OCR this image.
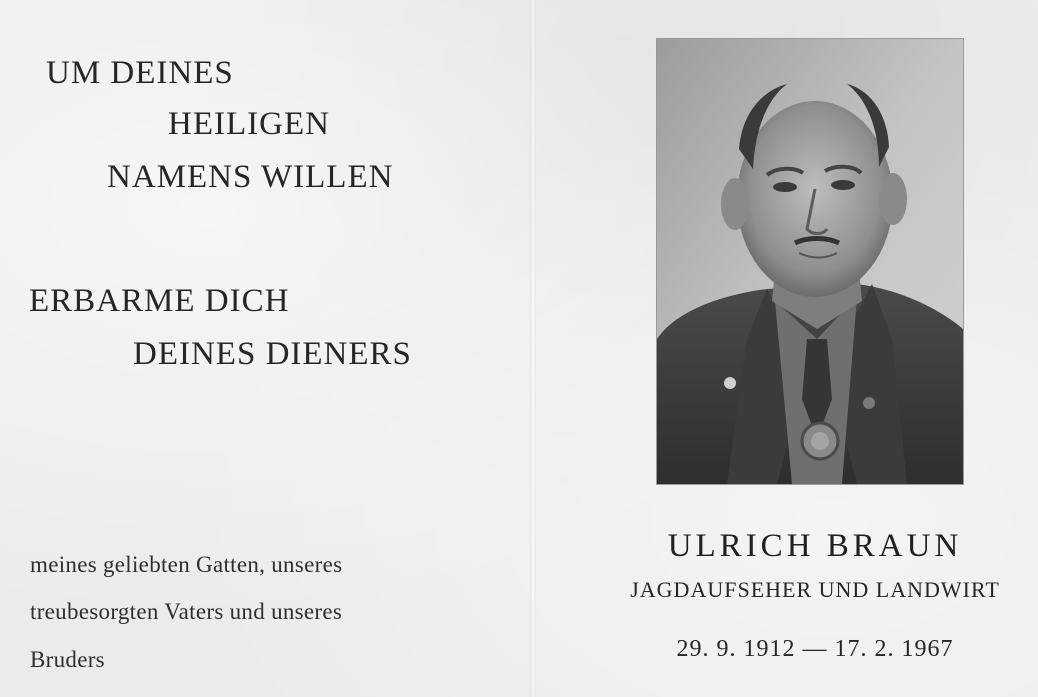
UM DEINES
HEILIGEN
NAMENS WILLEN
ERBARME DICH
DEINES DIENERS

meines geliebten Gatten, unseres

treubesorgten Vaters und unseres

Bruders

ULRICH BRAUN

JAGDAUFSEHER UND LANDWIRT

29. 9. 1912 — 17. 2. 1967
